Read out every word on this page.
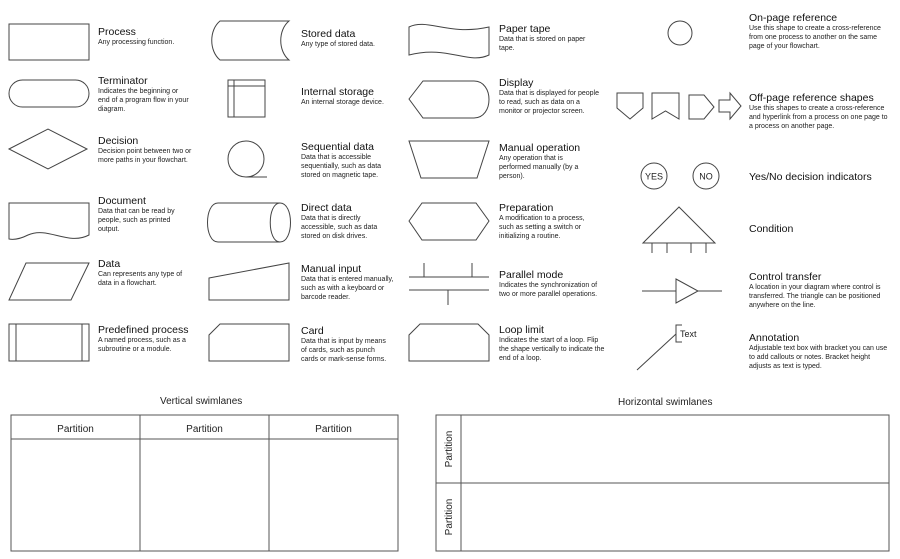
Process
Any processing function.
Terminator
Indicates the beginning or end of a program flow in your diagram.
Decision
Decision point between two or more paths in your flowchart.
Document
Data that can be read by people, such as printed output.
Data
Can represents any type of data in a flowchart.
Predefined process
A named process, such as a subroutine or a module.
Stored data
Any type of stored data.
Internal storage
An internal storage device.
Sequential data
Data that is accessible sequentially, such as data stored on magnetic tape.
Direct data
Data that is directly accessible, such as data stored on disk drives.
Manual input
Data that is entered manually, such as with a keyboard or barcode reader.
Card
Data that is input by means of cards, such as punch cards or mark-sense forms.
Paper tape
Data that is stored on paper tape.
Display
Data that is displayed for people to read, such as data on a monitor or projector screen.
Manual operation
Any operation that is performed manually (by a person).
Preparation
A modification to a process, such as setting a switch or initializing a routine.
Parallel mode
Indicates the synchronization of two or more parallel operations.
Loop limit
Indicates the start of a loop. Flip the shape vertically to indicate the end of a loop.
On-page reference
Use this shape to create a cross-reference from one process to another on the same page of your flowchart.
Off-page reference shapes
Use this shapes to create a cross-reference and hyperlink from a process on one page to a process on another page.
YES	NO	Yes/No decision indicators
Condition
Control transfer
A location in your diagram where control is transferred. The triangle can be positioned anywhere on the line.
Text	Annotation
Adjustable text box with bracket you can use to add callouts or notes. Bracket height adjusts as text is typed.
Vertical swimlanes
Partition	Partition	Partition
Horizontal swimlanes
Partition
Partition
